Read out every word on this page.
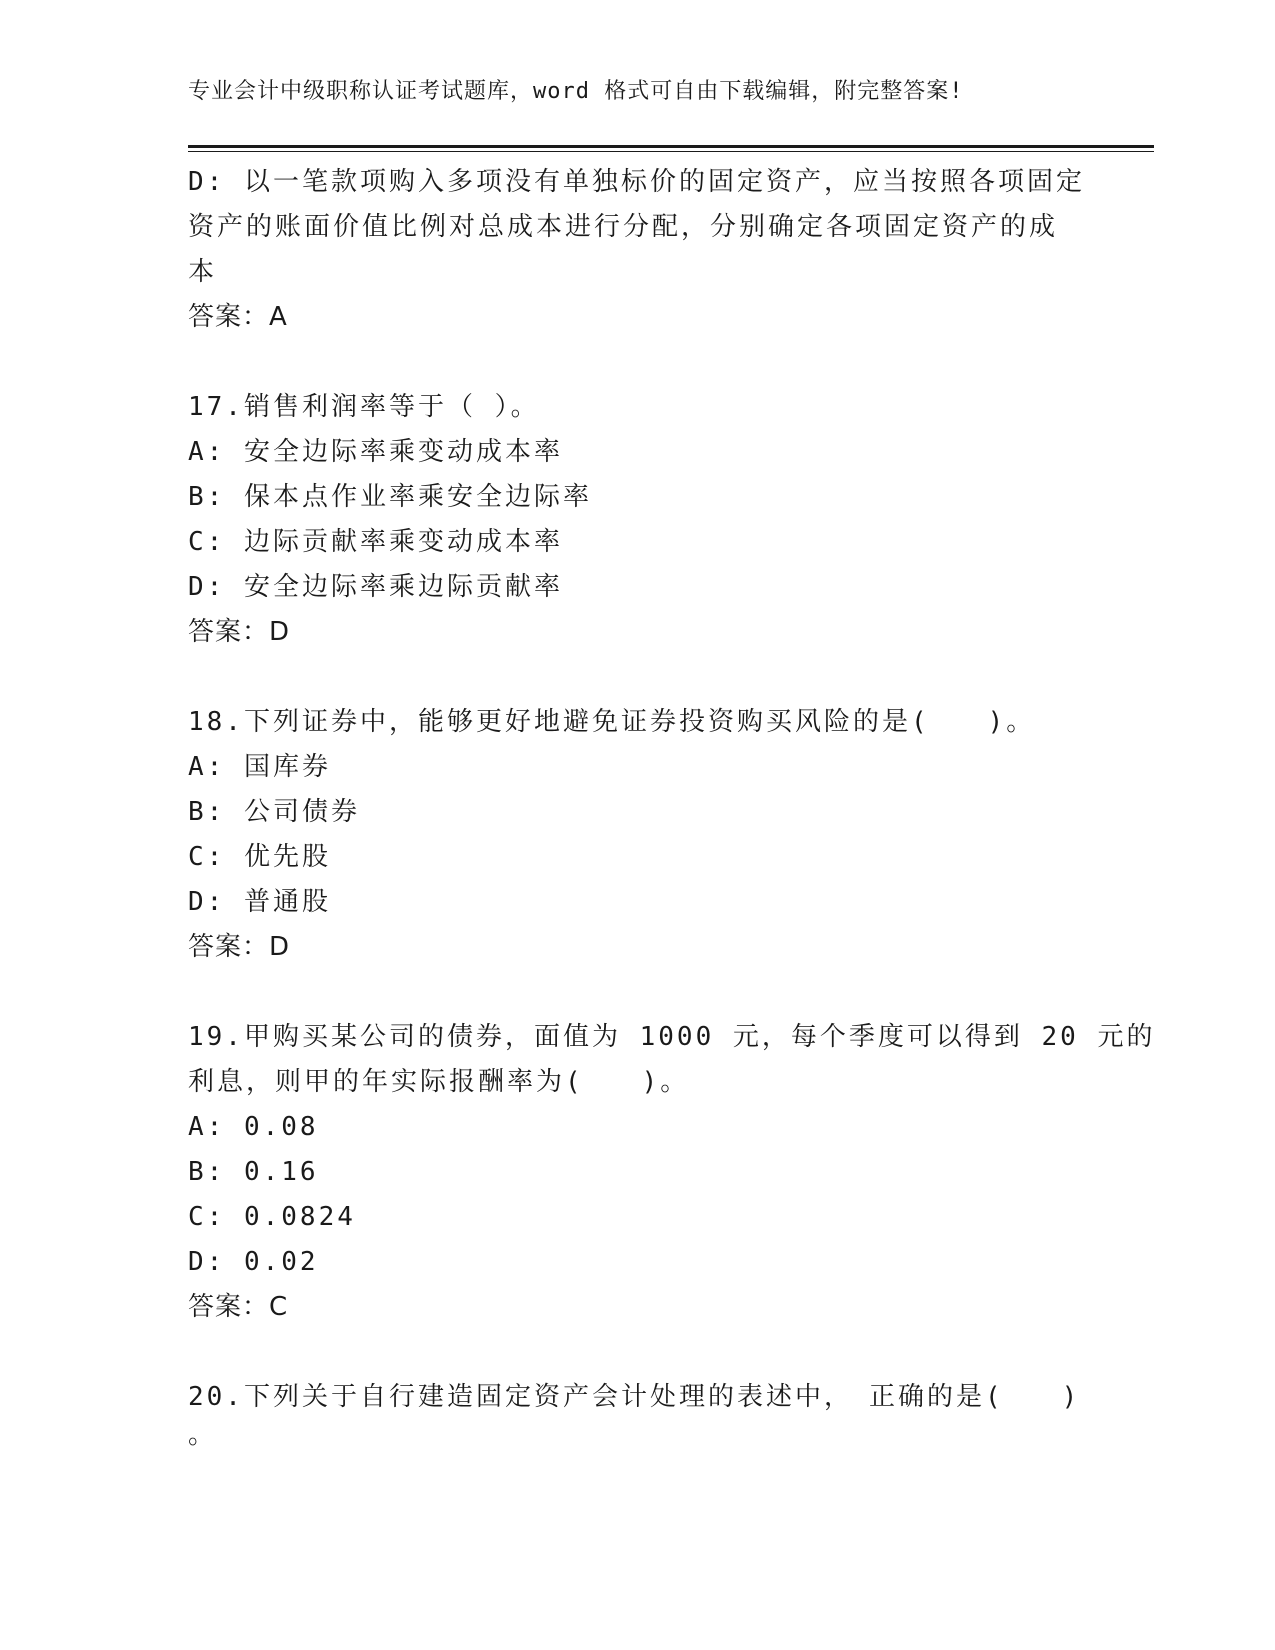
专业会计中级职称认证考试题库，word 格式可自由下载编辑，附完整答案!
D: 以一笔款项购入多项没有单独标价的固定资产，应当按照各项固定
资产的账面价值比例对总成本进行分配，分别确定各项固定资产的成
本
答案：A
17.销售利润率等于（ ）。
A: 安全边际率乘变动成本率
B: 保本点作业率乘安全边际率
C: 边际贡献率乘变动成本率
D: 安全边际率乘边际贡献率
答案：D
18.下列证券中，能够更好地避免证券投资购买风险的是(　　)。
A: 国库券
B: 公司债券
C: 优先股
D: 普通股
答案：D
19.甲购买某公司的债券，面值为 1000 元，每个季度可以得到 20 元的
利息，则甲的年实际报酬率为(　　)。
A: 0.08
B: 0.16
C: 0.0824
D: 0.02
答案：C
20.下列关于自行建造固定资产会计处理的表述中，　正确的是(　　)
。
